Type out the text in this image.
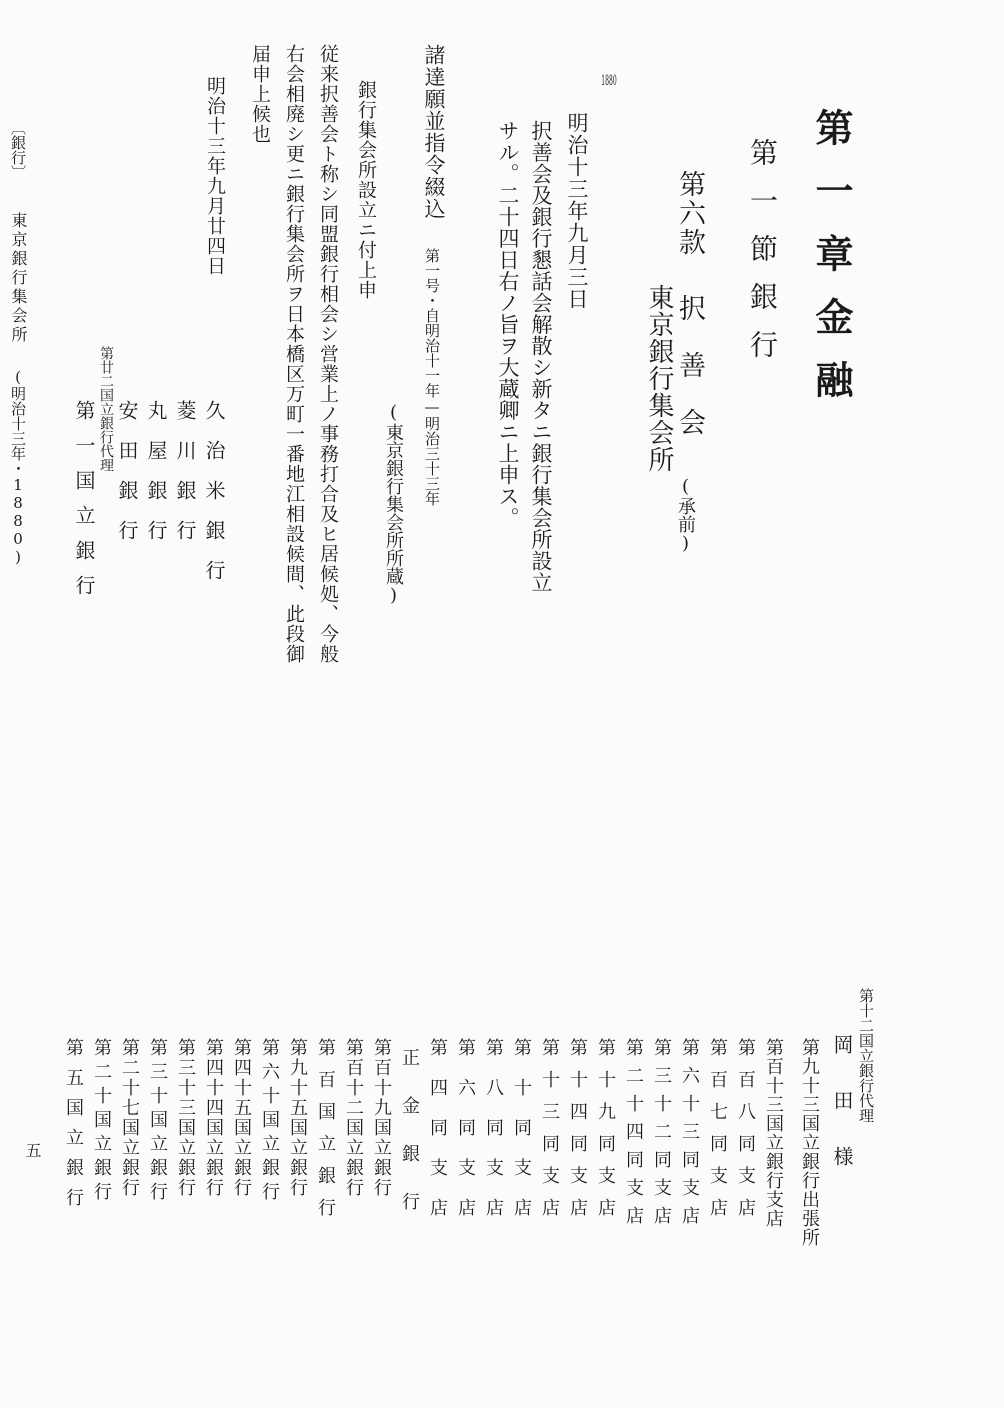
第一章金融
第一節銀行
第六款
択善会
東京銀行集会所
(承前)
1880
明治十三年九月三日
択善会及銀行懇話会解散シ新タニ銀行集会所設立
サル。二十四日右ノ旨ヲ大蔵卿ニ上申ス。
諸達願並指令綴込
第一号・自明治十一年—明治三十三年
(東京銀行集会所所蔵)
銀行集会所設立ニ付上申
従来択善会ト称シ同盟銀行相会シ営業上ノ事務打合及ヒ居候処、今般
右会相廃シ更ニ銀行集会所ヲ日本橋区万町一番地江相設候間、此段御
届申上候也
明治十三年九月廿四日
久治米銀行
菱川銀行
丸屋銀行
安田銀行
第廿二国立銀行代理
第一国立銀行
〔銀行〕
東京銀行集会所
(明治十三年・1880)
第十二国立銀行代理
岡田様
第九十三国立銀行出張所
第百十三国立銀行支店
第百八同支店
第百七同支店
第六十三同支店
第三十二同支店
第二十四同支店
第十九同支店
第十四同支店
第十三同支店
第十同支店
第八同支店
第六同支店
第四同支店
正金銀行
第百十九国立銀行
第百十二国立銀行
第百国立銀行
第九十五国立銀行
第六十国立銀行
第四十五国立銀行
第四十四国立銀行
第三十三国立銀行
第三十国立銀行
第二十七国立銀行
第二十国立銀行
第五国立銀行
五
